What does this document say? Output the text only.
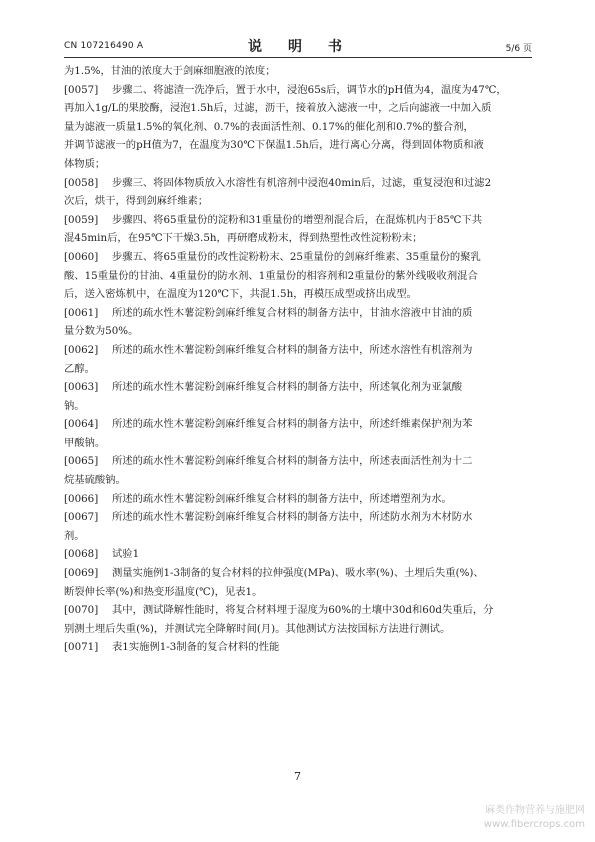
CN 107216490 A	说　明　书	5/6 页
为1.5%，甘油的浓度大于剑麻细胞液的浓度；
[0057] 步骤二、将滤渣一洗净后，置于水中，浸泡65s后，调节水的pH值为4，温度为47℃，
再加入1g/L的果胶酶，浸泡1.5h后，过滤，沥干，接着放入滤液一中，之后向滤液一中加入质
量为滤液一质量1.5%的氧化剂、0.7%的表面活性剂、0.17%的催化剂和0.7%的螯合剂，
并调节滤液一的pH值为7，在温度为30℃下保温1.5h后，进行离心分离，得到固体物质和液
体物质；
[0058] 步骤三、将固体物质放入水溶性有机溶剂中浸泡40min后，过滤，重复浸泡和过滤2
次后，烘干，得到剑麻纤维素；
[0059] 步骤四、将65重量份的淀粉和31重量份的增塑剂混合后，在混炼机内于85℃下共
混45min后，在95℃下干燥3.5h，再研磨成粉末，得到热塑性改性淀粉粉末；
[0060] 步骤五、将65重量份的改性淀粉粉末、25重量份的剑麻纤维素、35重量份的聚乳
酸、15重量份的甘油、4重量份的防水剂、1重量份的相容剂和2重量份的紫外线吸收剂混合
后，送入密炼机中，在温度为120℃下，共混1.5h，再模压成型或挤出成型。
[0061] 所述的疏水性木薯淀粉剑麻纤维复合材料的制备方法中，甘油水溶液中甘油的质
量分数为50%。
[0062] 所述的疏水性木薯淀粉剑麻纤维复合材料的制备方法中，所述水溶性有机溶剂为
乙醇。
[0063] 所述的疏水性木薯淀粉剑麻纤维复合材料的制备方法中，所述氧化剂为亚氯酸
钠。
[0064] 所述的疏水性木薯淀粉剑麻纤维复合材料的制备方法中，所述纤维素保护剂为苯
甲酸钠。
[0065] 所述的疏水性木薯淀粉剑麻纤维复合材料的制备方法中，所述表面活性剂为十二
烷基硫酸钠。
[0066] 所述的疏水性木薯淀粉剑麻纤维复合材料的制备方法中，所述增塑剂为水。
[0067] 所述的疏水性木薯淀粉剑麻纤维复合材料的制备方法中，所述防水剂为木材防水
剂。
[0068] 试验1
[0069] 测量实施例1-3制备的复合材料的拉伸强度(MPa)、吸水率(%)、土埋后失重(%)、
断裂伸长率(%)和热变形温度(℃)，见表1。
[0070] 其中，测试降解性能时，将复合材料埋于湿度为60%的土壤中30d和60d失重后，分
别测土埋后失重(%)，并测试完全降解时间(月)。其他测试方法按国标方法进行测试。
[0071] 表1实施例1-3制备的复合材料的性能
7
麻类作物营养与施肥网
www.fibercrops.com
